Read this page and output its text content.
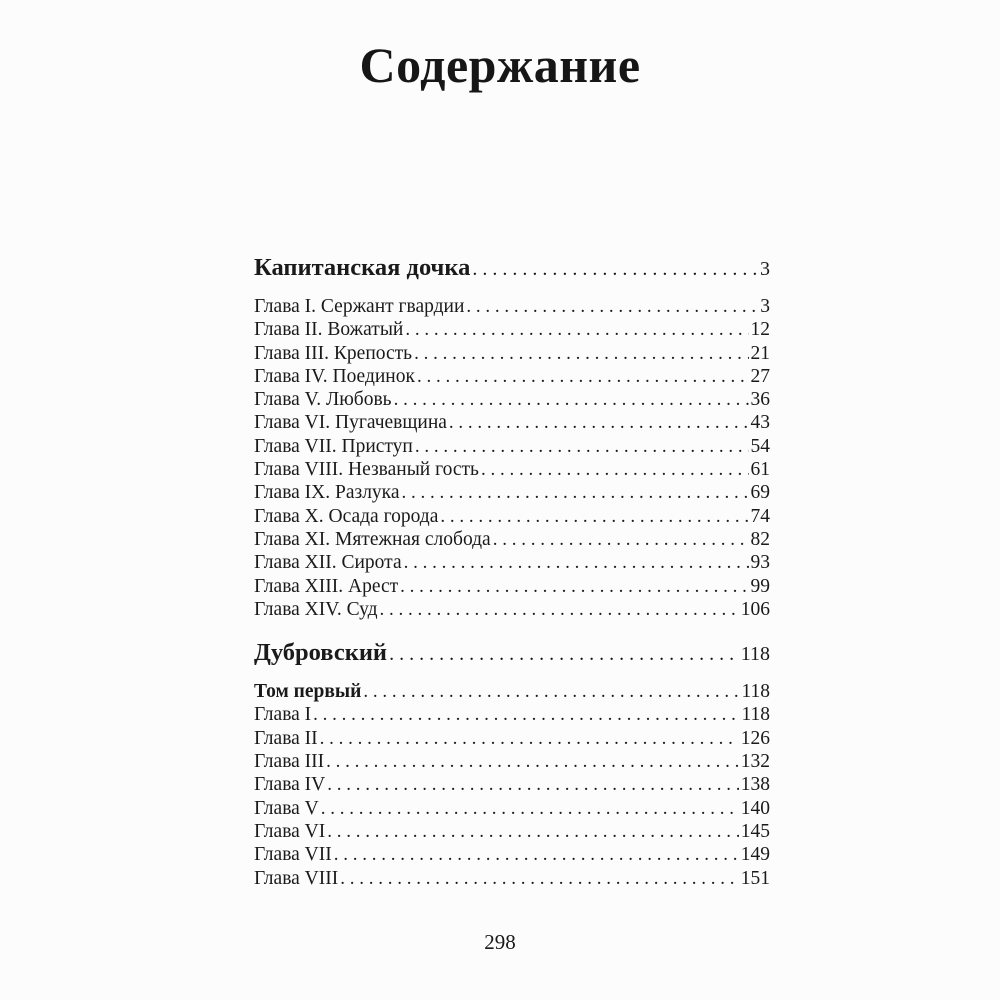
Содержание
Капитанская дочка . . .	3
Глава I. Сержант гвардии . . .	3
Глава II. Вожатый . . .	12
Глава III. Крепость . . .	21
Глава IV. Поединок . . .	27
Глава V. Любовь . . .	36
Глава VI. Пугачевщина . . .	43
Глава VII. Приступ . . .	54
Глава VIII. Незваный гость . . .	61
Глава IX. Разлука . . .	69
Глава X. Осада города . . .	74
Глава XI. Мятежная слобода . . .	82
Глава XII. Сирота . . .	93
Глава XIII. Арест . . .	99
Глава XIV. Суд . . .	106
Дубровский . . .	118
Том первый . . .	118
Глава I . . .	118
Глава II . . .	126
Глава III . . .	132
Глава IV . . .	138
Глава V . . .	140
Глава VI . . .	145
Глава VII . . .	149
Глава VIII . . .	151
298
